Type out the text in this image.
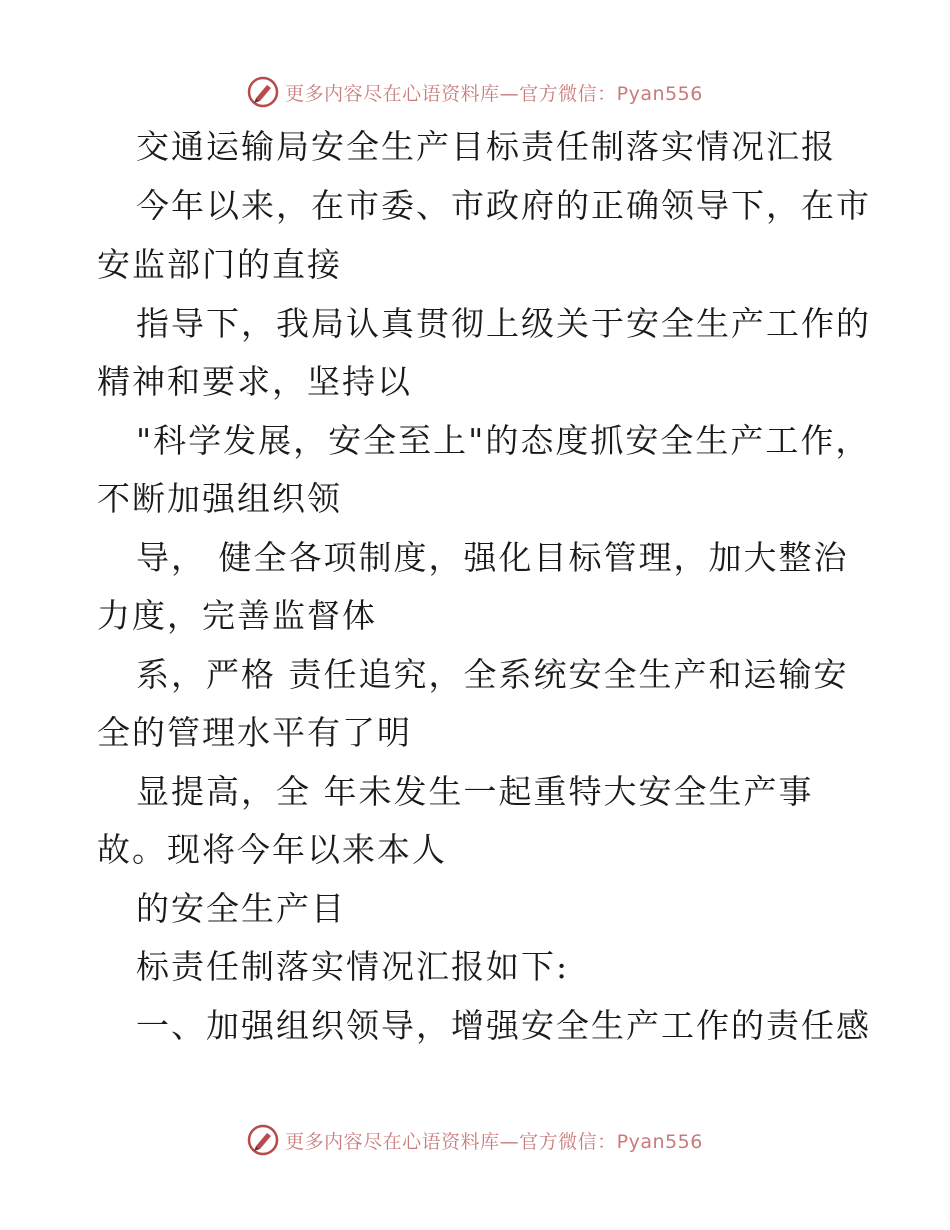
更多内容尽在心语资料库—官方微信：Pyan556
交通运输局安全生产目标责任制落实情况汇报
今年以来，在市委、市政府的正确领导下，在市
安监部门的直接
指导下，我局认真贯彻上级关于安全生产工作的
精神和要求，坚持以
"科学发展，安全至上"的态度抓安全生产工作，
不断加强组织领
导， 健全各项制度，强化目标管理，加大整治
力度，完善监督体
系，严格 责任追究，全系统安全生产和运输安
全的管理水平有了明
显提高，全 年未发生一起重特大安全生产事
故。现将今年以来本人
的安全生产目
标责任制落实情况汇报如下:
一、加强组织领导，增强安全生产工作的责任感
更多内容尽在心语资料库—官方微信：Pyan556
